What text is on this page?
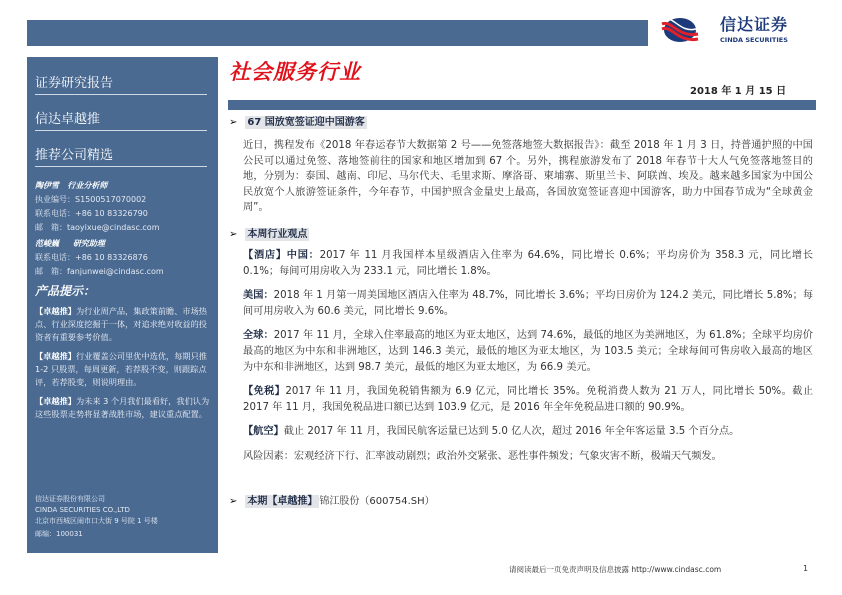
信达证券
CINDA SECURITIES
证券研究报告
信达卓越推
推荐公司精选
陶伊雪 行业分析师
执业编号：S1500517070002
联系电话：+86 10 83326790
邮　箱：taoyixue@cindasc.com
范峻巍 研究助理
联系电话：+86 10 83326876
邮　箱：fanjunwei@cindasc.com
产品提示：
【卓越推】为行业周产品，集政策前瞻、市场热点、行业深度挖掘于一体，对追求绝对收益的投资者有重要参考价值。
【卓越推】行业覆盖公司里优中选优，每期只推 1-2 只股票，每周更新，若荐股不变，则跟踪点评，若荐股变，则说明理由。
【卓越推】为未来 3 个月我们最看好，我们认为这些股票走势将显著战胜市场，建议重点配置。
信达证券股份有限公司
CINDA SECURITIES CO.,LTD
北京市西城区闹市口大街 9 号院 1 号楼
邮编：100031
社会服务行业
2018 年 1 月 15 日
➢ 67 国放宽签证迎中国游客
近日，携程发布《2018 年春运春节大数据第 2 号——免签落地签大数据报告》：截至 2018 年 1 月 3 日，持普通护照的中国公民可以通过免签、落地签前往的国家和地区增加到 67 个。另外，携程旅游发布了 2018 年春节十大人气免签落地签目的地，分别为：泰国、越南、印尼、马尔代夫、毛里求斯、摩洛哥、柬埔寨、斯里兰卡、阿联酋、埃及。越来越多国家为中国公民放宽个人旅游签证条件，今年春节，中国护照含金量史上最高，各国放宽签证喜迎中国游客，助力中国春节成为“全球黄金周”。
➢ 本周行业观点
【酒店】中国：2017 年 11 月我国样本星级酒店入住率为 64.6%，同比增长 0.6%；平均房价为 358.3 元，同比增长 0.1%；每间可用房收入为 233.1 元，同比增长 1.8%。
美国：2018 年 1 月第一周美国地区酒店入住率为 48.7%，同比增长 3.6%；平均日房价为 124.2 美元，同比增长 5.8%；每间可用房收入为 60.6 美元，同比增长 9.6%。
全球：2017 年 11 月，全球入住率最高的地区为亚太地区，达到 74.6%，最低的地区为美洲地区，为 61.8%；全球平均房价最高的地区为中东和非洲地区，达到 146.3 美元，最低的地区为亚太地区，为 103.5 美元；全球每间可售房收入最高的地区为中东和非洲地区，达到 98.7 美元，最低的地区为亚太地区，为 66.9 美元。
【免税】2017 年 11 月，我国免税销售额为 6.9 亿元，同比增长 35%。免税消费人数为 21 万人，同比增长 50%。截止 2017 年 11 月，我国免税品进口额已达到 103.9 亿元，是 2016 年全年免税品进口额的 90.9%。
【航空】截止 2017 年 11 月，我国民航客运量已达到 5.0 亿人次，超过 2016 年全年客运量 3.5 个百分点。
风险因素：宏观经济下行、汇率波动剧烈；政治外交紧张、恶性事件频发；气象灾害不断，极端天气频发。
➢ 本期【卓越推】 锦江股份（600754.SH）
请阅读最后一页免责声明及信息披露 http://www.cindasc.com	1
